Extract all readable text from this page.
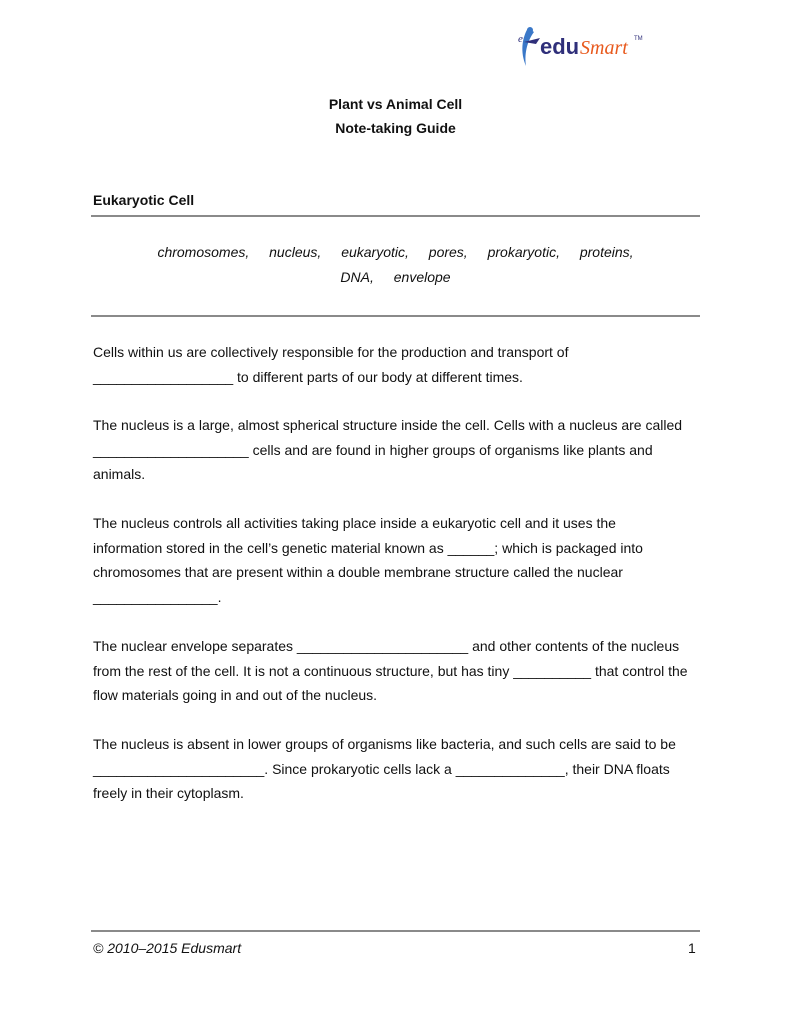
e edu Smart TM
Plant vs Animal Cell
Note-taking Guide
Eukaryotic Cell
chromosomes, nucleus, eukaryotic, pores, prokaryotic, proteins,
DNA, envelope
Cells within us are collectively responsible for the production and transport of
__________________ to different parts of our body at different times.
The nucleus is a large, almost spherical structure inside the cell. Cells with a nucleus are called
____________________ cells and are found in higher groups of organisms like plants and
animals.
The nucleus controls all activities taking place inside a eukaryotic cell and it uses the
information stored in the cell’s genetic material known as ______; which is packaged into
chromosomes that are present within a double membrane structure called the nuclear
________________.
The nuclear envelope separates ______________________ and other contents of the nucleus
from the rest of the cell. It is not a continuous structure, but has tiny __________ that control the
flow materials going in and out of the nucleus.
The nucleus is absent in lower groups of organisms like bacteria, and such cells are said to be
______________________. Since prokaryotic cells lack a ______________, their DNA floats
freely in their cytoplasm.
© 2010–2015 Edusmart	1
